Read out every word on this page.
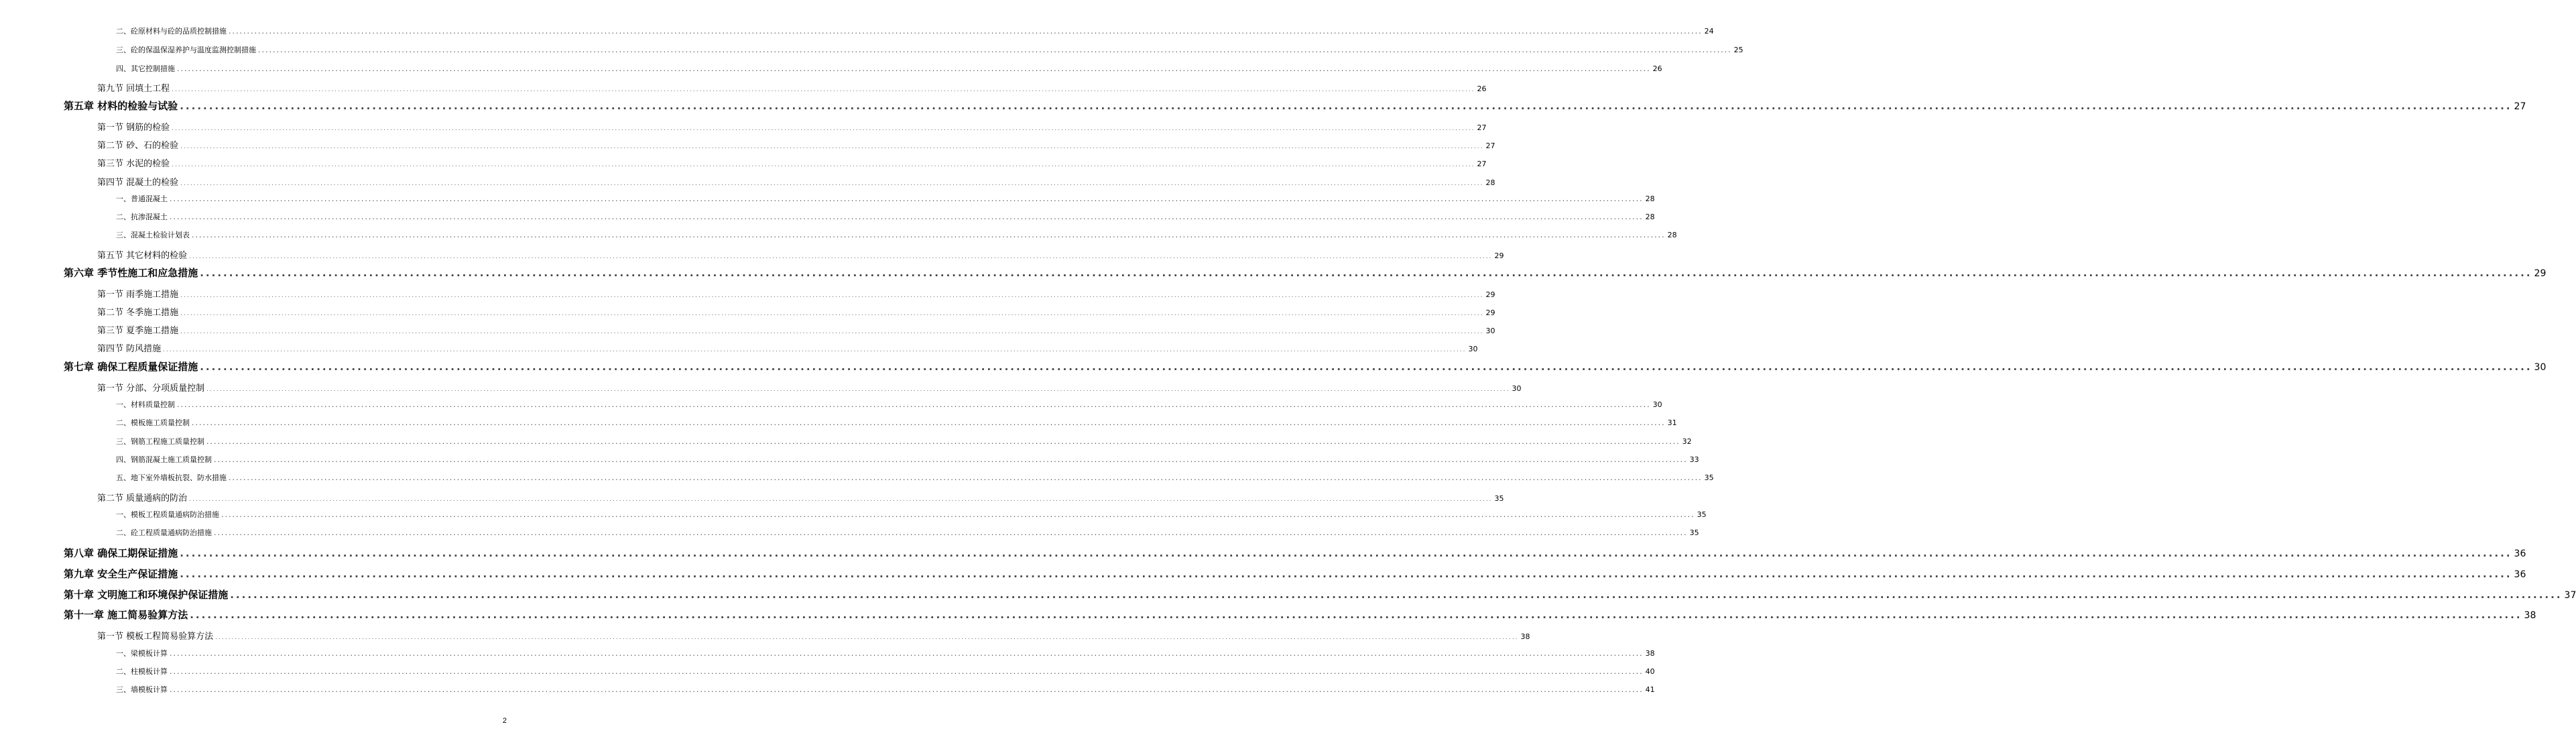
二、砼原材料与砼的品质控制措施 ................................................................................................................................................................................................................................................................................................................................................................................................................ 24
三、砼的保温保湿养护与温度监测控制措施 ................................................................................................................................................................................................................................................................................................................................................................................................................ 25
四、其它控制措施 ................................................................................................................................................................................................................................................................................................................................................................................................................ 26
第九节 回填土工程 ................................................................................................................................................................................................................................................................................................................................................................................................................ 26
第五章 材料的检验与试验 ................................................................................................................................................................................................................................................................................................................................................................................................................ 27
第一节 钢筋的检验 ................................................................................................................................................................................................................................................................................................................................................................................................................ 27
第二节 砂、石的检验 ................................................................................................................................................................................................................................................................................................................................................................................................................ 27
第三节 水泥的检验 ................................................................................................................................................................................................................................................................................................................................................................................................................ 27
第四节 混凝土的检验 ................................................................................................................................................................................................................................................................................................................................................................................................................ 28
一、普通混凝土 ................................................................................................................................................................................................................................................................................................................................................................................................................ 28
二、抗渗混凝土 ................................................................................................................................................................................................................................................................................................................................................................................................................ 28
三、混凝土检验计划表 ................................................................................................................................................................................................................................................................................................................................................................................................................ 28
第五节 其它材料的检验 ................................................................................................................................................................................................................................................................................................................................................................................................................ 29
第六章 季节性施工和应急措施 ................................................................................................................................................................................................................................................................................................................................................................................................................ 29
第一节 雨季施工措施 ................................................................................................................................................................................................................................................................................................................................................................................................................ 29
第二节 冬季施工措施 ................................................................................................................................................................................................................................................................................................................................................................................................................ 29
第三节 夏季施工措施 ................................................................................................................................................................................................................................................................................................................................................................................................................ 30
第四节 防风措施 ................................................................................................................................................................................................................................................................................................................................................................................................................ 30
第七章 确保工程质量保证措施 ................................................................................................................................................................................................................................................................................................................................................................................................................ 30
第一节 分部、分项质量控制 ................................................................................................................................................................................................................................................................................................................................................................................................................ 30
一、材料质量控制 ................................................................................................................................................................................................................................................................................................................................................................................................................ 30
二、模板施工质量控制 ................................................................................................................................................................................................................................................................................................................................................................................................................ 31
三、钢筋工程施工质量控制 ................................................................................................................................................................................................................................................................................................................................................................................................................ 32
四、钢筋混凝土施工质量控制 ................................................................................................................................................................................................................................................................................................................................................................................................................ 33
五、地下室外墙板抗裂、防水措施 ................................................................................................................................................................................................................................................................................................................................................................................................................ 35
第二节 质量通病的防治 ................................................................................................................................................................................................................................................................................................................................................................................................................ 35
一、模板工程质量通病防治措施 ................................................................................................................................................................................................................................................................................................................................................................................................................ 35
二、砼工程质量通病防治措施 ................................................................................................................................................................................................................................................................................................................................................................................................................ 35
第八章 确保工期保证措施 ................................................................................................................................................................................................................................................................................................................................................................................................................ 36
第九章 安全生产保证措施 ................................................................................................................................................................................................................................................................................................................................................................................................................ 36
第十章 文明施工和环境保护保证措施 ................................................................................................................................................................................................................................................................................................................................................................................................................ 37
第十一章 施工简易验算方法 ................................................................................................................................................................................................................................................................................................................................................................................................................ 38
第一节 模板工程简易验算方法 ................................................................................................................................................................................................................................................................................................................................................................................................................ 38
一、梁模板计算 ................................................................................................................................................................................................................................................................................................................................................................................................................ 38
二、柱模板计算 ................................................................................................................................................................................................................................................................................................................................................................................................................ 40
三、墙模板计算 ................................................................................................................................................................................................................................................................................................................................................................................................................ 41
2
